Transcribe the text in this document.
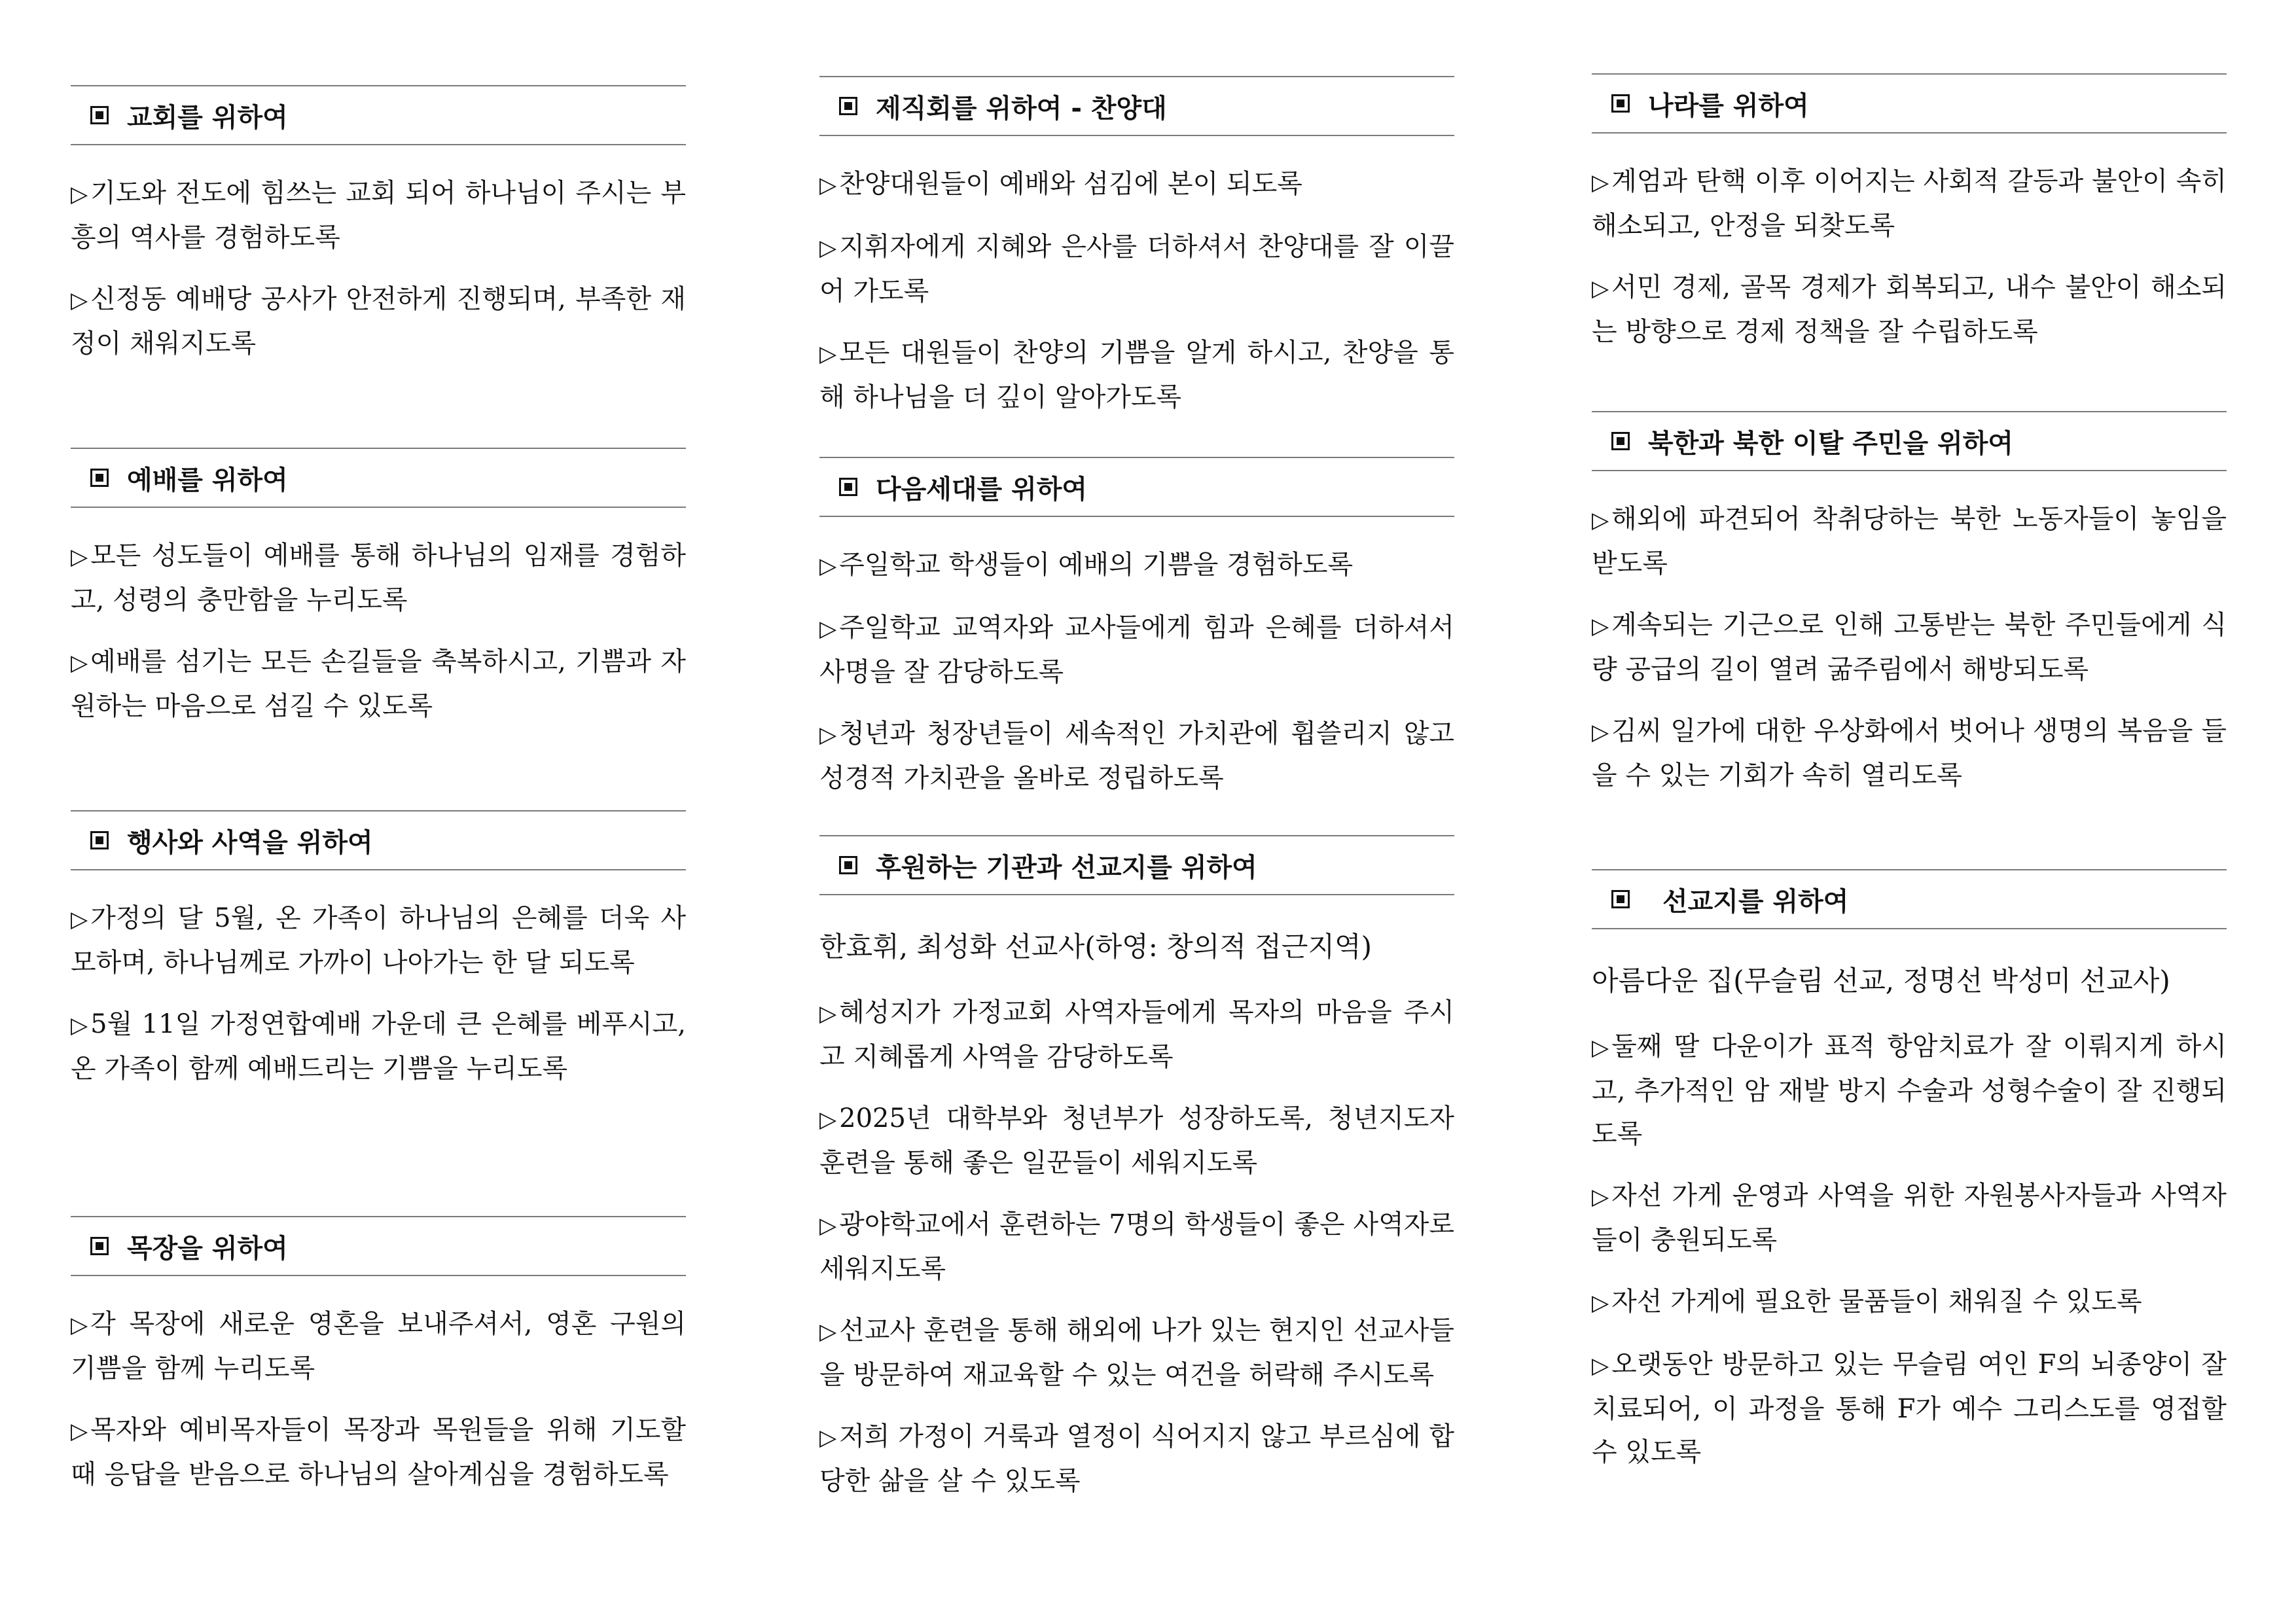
교회를 위하여
▷ 기도와 전도에 힘쓰는 교회 되어 하나님이 주시는 부흥의 역사를 경험하도록
▷ 신정동 예배당 공사가 안전하게 진행되며, 부족한 재정이 채워지도록
예배를 위하여
▷ 모든 성도들이 예배를 통해 하나님의 임재를 경험하고, 성령의 충만함을 누리도록
▷ 예배를 섬기는 모든 손길들을 축복하시고, 기쁨과 자원하는 마음으로 섬길 수 있도록
행사와 사역을 위하여
▷ 가정의 달 5월, 온 가족이 하나님의 은혜를 더욱 사모하며, 하나님께로 가까이 나아가는 한 달 되도록
▷ 5월 11일 가정연합예배 가운데 큰 은혜를 베푸시고, 온 가족이 함께 예배드리는 기쁨을 누리도록
목장을 위하여
▷ 각 목장에 새로운 영혼을 보내주셔서, 영혼 구원의 기쁨을 함께 누리도록
▷ 목자와 예비목자들이 목장과 목원들을 위해 기도할 때 응답을 받음으로 하나님의 살아계심을 경험하도록
제직회를 위하여 - 찬양대
▷ 찬양대원들이 예배와 섬김에 본이 되도록
▷ 지휘자에게 지혜와 은사를 더하셔서 찬양대를 잘 이끌어 가도록
▷ 모든 대원들이 찬양의 기쁨을 알게 하시고, 찬양을 통해 하나님을 더 깊이 알아가도록
다음세대를 위하여
▷ 주일학교 학생들이 예배의 기쁨을 경험하도록
▷ 주일학교 교역자와 교사들에게 힘과 은혜를 더하셔서 사명을 잘 감당하도록
▷ 청년과 청장년들이 세속적인 가치관에 휩쓸리지 않고 성경적 가치관을 올바로 정립하도록
후원하는 기관과 선교지를 위하여
한효휘, 최성화 선교사(하영: 창의적 접근지역)
▷ 혜성지가 가정교회 사역자들에게 목자의 마음을 주시고 지혜롭게 사역을 감당하도록
▷ 2025년 대학부와 청년부가 성장하도록, 청년지도자 훈련을 통해 좋은 일꾼들이 세워지도록
▷ 광야학교에서 훈련하는 7명의 학생들이 좋은 사역자로 세워지도록
▷ 선교사 훈련을 통해 해외에 나가 있는 현지인 선교사들을 방문하여 재교육할 수 있는 여건을 허락해 주시도록
▷ 저희 가정이 거룩과 열정이 식어지지 않고 부르심에 합당한 삶을 살 수 있도록
나라를 위하여
▷ 계엄과 탄핵 이후 이어지는 사회적 갈등과 불안이 속히 해소되고, 안정을 되찾도록
▷ 서민 경제, 골목 경제가 회복되고, 내수 불안이 해소되는 방향으로 경제 정책을 잘 수립하도록
북한과 북한 이탈 주민을 위하여
▷ 해외에 파견되어 착취당하는 북한 노동자들이 놓임을 받도록
▷ 계속되는 기근으로 인해 고통받는 북한 주민들에게 식량 공급의 길이 열려 굶주림에서 해방되도록
▷ 김씨 일가에 대한 우상화에서 벗어나 생명의 복음을 들을 수 있는 기회가 속히 열리도록
선교지를 위하여
아름다운 집(무슬림 선교, 정명선 박성미 선교사)
▷ 둘째 딸 다운이가 표적 항암치료가 잘 이뤄지게 하시고, 추가적인 암 재발 방지 수술과 성형수술이 잘 진행되도록
▷ 자선 가게 운영과 사역을 위한 자원봉사자들과 사역자들이 충원되도록
▷ 자선 가게에 필요한 물품들이 채워질 수 있도록
▷ 오랫동안 방문하고 있는 무슬림 여인 F의 뇌종양이 잘 치료되어, 이 과정을 통해 F가 예수 그리스도를 영접할 수 있도록
